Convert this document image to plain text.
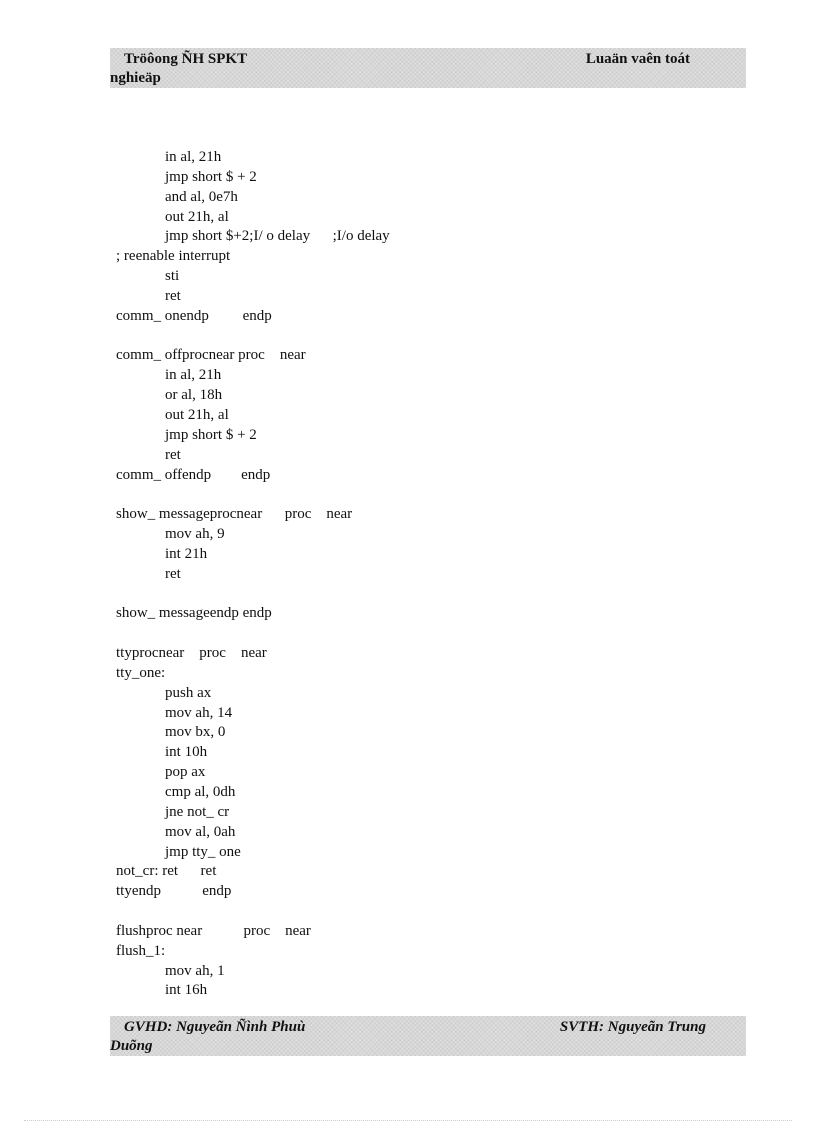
Tröôong ÑH SPKT	Luaän vaên toát
nghieäp
in al, 21h
jmp short $ + 2
and al, 0e7h
out 21h, al
jmp short $+2;I/ o delay      ;I/o delay
; reenable interrupt
sti
ret
comm_ onendp         endp
comm_ offprocnear proc    near
in al, 21h
or al, 18h
out 21h, al
jmp short $ + 2
ret
comm_ offendp        endp
show_ messageprocnear      proc    near
mov ah, 9
int 21h
ret
show_ messageendp endp
ttyprocnear    proc    near
tty_one:
push ax
mov ah, 14
mov bx, 0
int 10h
pop ax
cmp al, 0dh
jne not_ cr
mov al, 0ah
jmp tty_ one
not_cr: ret      ret
ttyendp           endp
flushproc near           proc    near
flush_1:
mov ah, 1
int 16h
GVHD: Nguyeãn Ñình Phuù	SVTH: Nguyeãn Trung
Duõng
